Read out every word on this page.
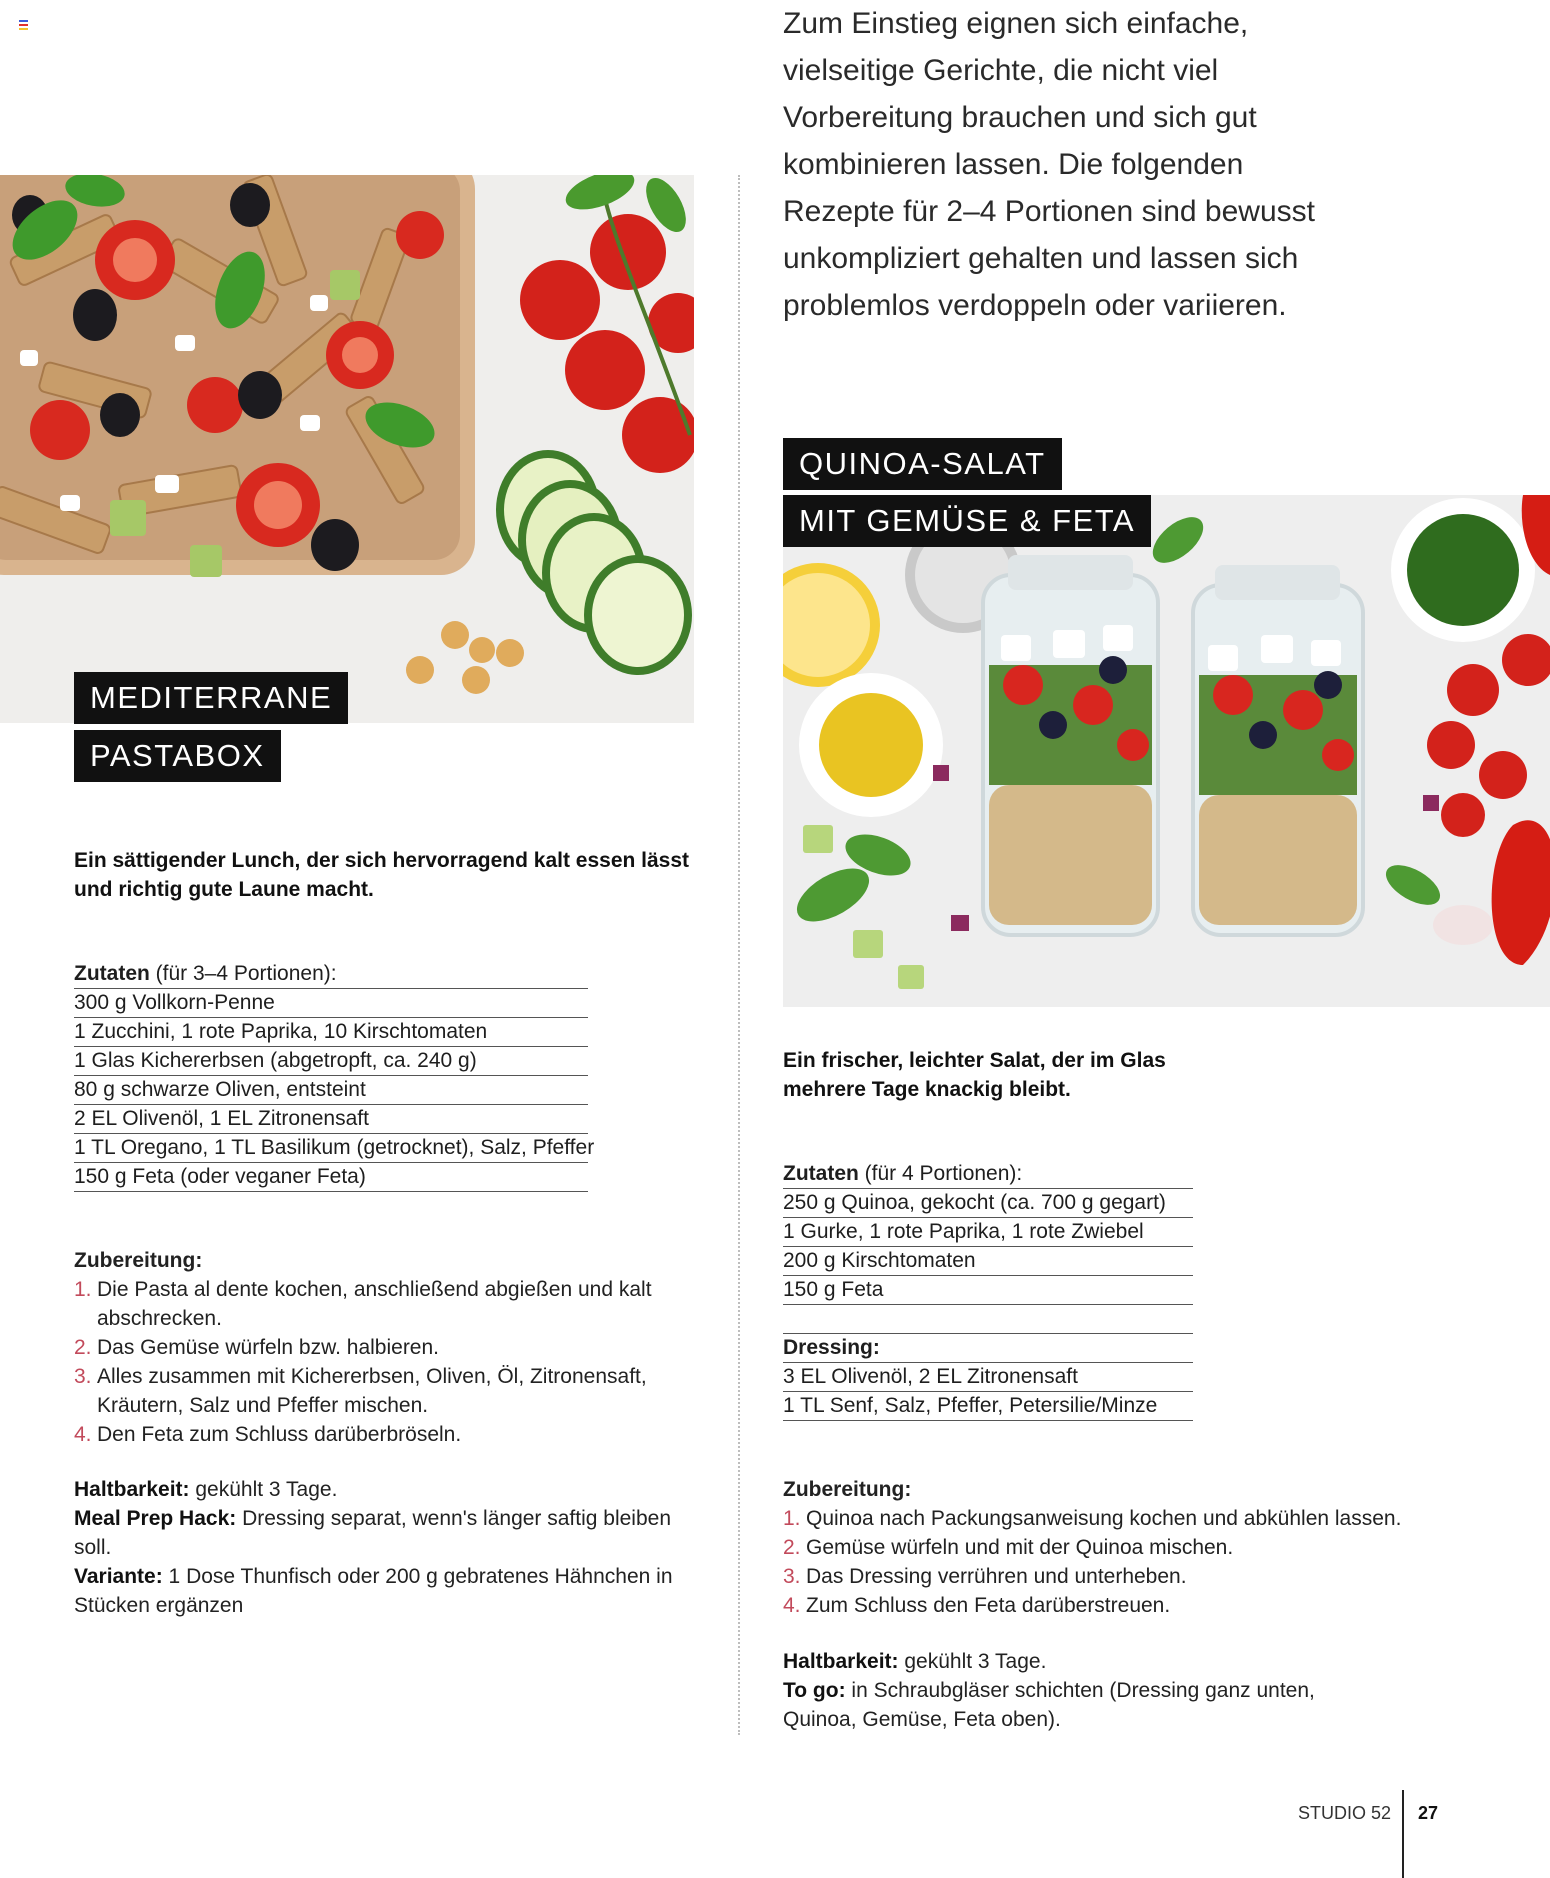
Zum Einstieg eignen sich einfache,
vielseitige Gerichte, die nicht viel
Vorbereitung brauchen und sich gut
kombinieren lassen. Die folgenden
Rezepte für 2–4 Portionen sind bewusst
unkompliziert gehalten und lassen sich
problemlos verdoppeln oder variieren.
MEDITERRANE
PASTABOX
Ein sättigender Lunch, der sich hervorragend kalt essen lässt und richtig gute Laune macht.
Zutaten (für 3–4 Portionen):
300 g Vollkorn-Penne
1 Zucchini, 1 rote Paprika, 10 Kirschtomaten
1 Glas Kichererbsen (abgetropft, ca. 240 g)
80 g schwarze Oliven, entsteint
2 EL Olivenöl, 1 EL Zitronensaft
1 TL Oregano, 1 TL Basilikum (getrocknet), Salz, Pfeffer
150 g Feta (oder veganer Feta)
Zubereitung:
1. Die Pasta al dente kochen, anschließend abgießen und kalt abschrecken.
2. Das Gemüse würfeln bzw. halbieren.
3. Alles zusammen mit Kichererbsen, Oliven, Öl, Zitronensaft, Kräutern, Salz und Pfeffer mischen.
4. Den Feta zum Schluss darüberbröseln.
Haltbarkeit: gekühlt 3 Tage.
Meal Prep Hack: Dressing separat, wenn's länger saftig bleiben soll.
Variante: 1 Dose Thunfisch oder 200 g gebratenes Hähnchen in Stücken ergänzen
QUINOA-SALAT
MIT GEMÜSE & FETA
Ein frischer, leichter Salat, der im Glas mehrere Tage knackig bleibt.
Zutaten (für 4 Portionen):
250 g Quinoa, gekocht (ca. 700 g gegart)
1 Gurke, 1 rote Paprika, 1 rote Zwiebel
200 g Kirschtomaten
150 g Feta
Dressing:
3 EL Olivenöl, 2 EL Zitronensaft
1 TL Senf, Salz, Pfeffer, Petersilie/Minze
Zubereitung:
1. Quinoa nach Packungsanweisung kochen und abkühlen lassen.
2. Gemüse würfeln und mit der Quinoa mischen.
3. Das Dressing verrühren und unterheben.
4. Zum Schluss den Feta darüberstreuen.
Haltbarkeit: gekühlt 3 Tage.
To go: in Schraubgläser schichten (Dressing ganz unten, Quinoa, Gemüse, Feta oben).
STUDIO 52 27
